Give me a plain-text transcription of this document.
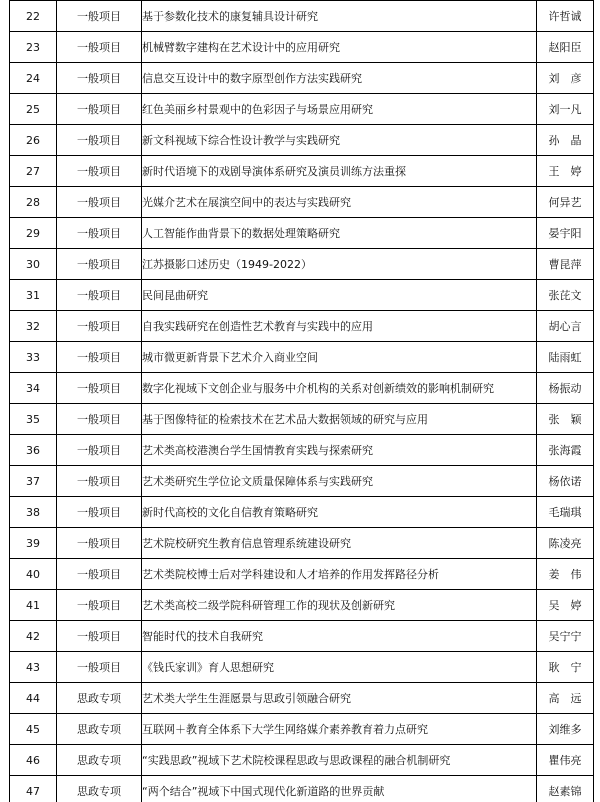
22	一般项目	基于参数化技术的康复辅具设计研究	许哲诚
23	一般项目	机械臂数字建构在艺术设计中的应用研究	赵阳臣
24	一般项目	信息交互设计中的数字原型创作方法实践研究	刘　彦
25	一般项目	红色美丽乡村景观中的色彩因子与场景应用研究	刘一凡
26	一般项目	新文科视域下综合性设计教学与实践研究	孙　晶
27	一般项目	新时代语境下的戏剧导演体系研究及演员训练方法重探	王　婷
28	一般项目	光媒介艺术在展演空间中的表达与实践研究	何异艺
29	一般项目	人工智能作曲背景下的数据处理策略研究	晏宇阳
30	一般项目	江苏摄影口述历史（1949-2022）	曹昆萍
31	一般项目	民间昆曲研究	张芘文
32	一般项目	自我实践研究在创造性艺术教育与实践中的应用	胡心言
33	一般项目	城市微更新背景下艺术介入商业空间	陆雨虹
34	一般项目	数字化视域下文创企业与服务中介机构的关系对创新绩效的影响机制研究	杨振动
35	一般项目	基于图像特征的检索技术在艺术品大数据领域的研究与应用	张　颖
36	一般项目	艺术类高校港澳台学生国情教育实践与探索研究	张海霞
37	一般项目	艺术类研究生学位论文质量保障体系与实践研究	杨依诺
38	一般项目	新时代高校的文化自信教育策略研究	毛瑞琪
39	一般项目	艺术院校研究生教育信息管理系统建设研究	陈凌亮
40	一般项目	艺术类院校博士后对学科建设和人才培养的作用发挥路径分析	姜　伟
41	一般项目	艺术类高校二级学院科研管理工作的现状及创新研究	吴　婷
42	一般项目	智能时代的技术自我研究	吴宁宁
43	一般项目	《钱氏家训》育人思想研究	耿　宁
44	思政专项	艺术类大学生生涯愿景与思政引领融合研究	高　远
45	思政专项	互联网＋教育全体系下大学生网络媒介素养教育着力点研究	刘维多
46	思政专项	“实践思政”视域下艺术院校课程思政与思政课程的融合机制研究	瞿伟亮
47	思政专项	“两个结合”视域下中国式现代化新道路的世界贡献	赵素锦
